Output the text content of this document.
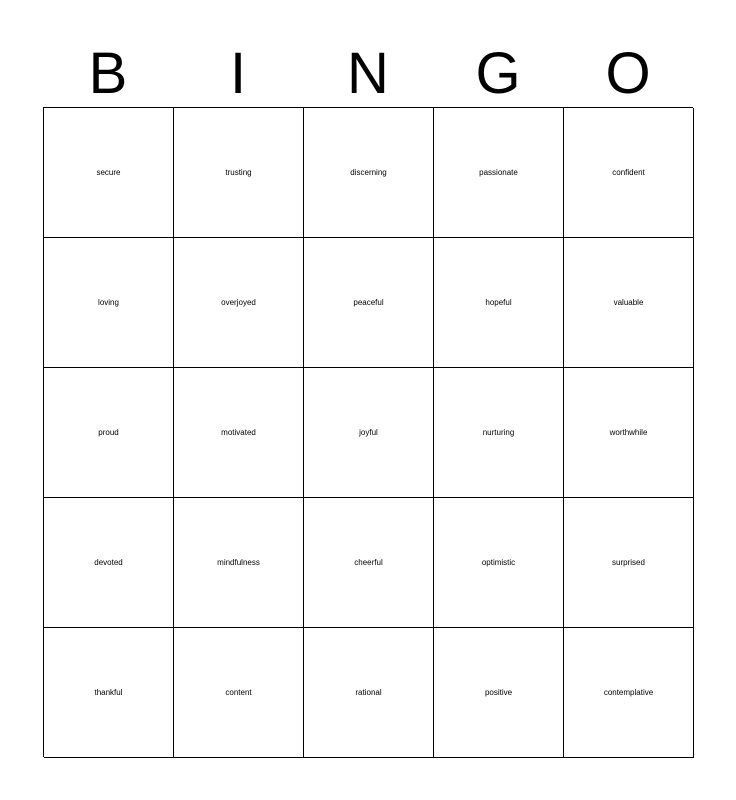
B	I	N	G	O
secure	trusting	discerning	passionate	confident
loving	overjoyed	peaceful	hopeful	valuable
proud	motivated	joyful	nurturing	worthwhile
devoted	mindfulness	cheerful	optimistic	surprised
thankful	content	rational	positive	contemplative
